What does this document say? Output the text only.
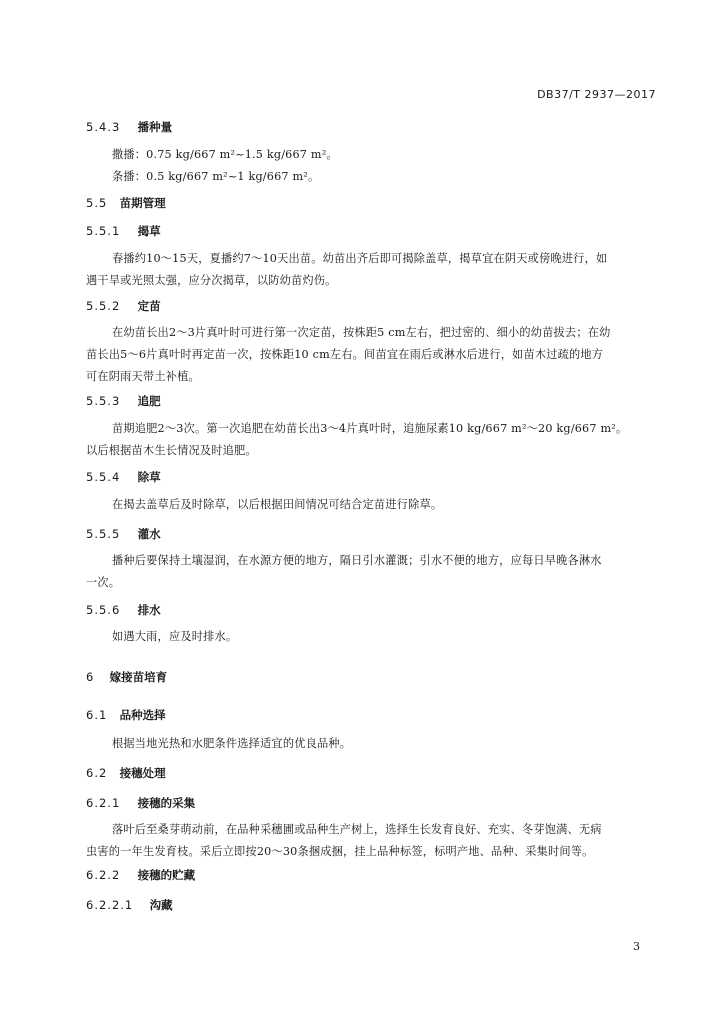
DB37/T 2937—2017
5.4.3 播种量
撒播：0.75 kg/667 m²~1.5 kg/667 m²。
条播：0.5 kg/667 m²~1 kg/667 m²。
5.5 苗期管理
5.5.1 揭草
春播约10～15天，夏播约7～10天出苗。幼苗出齐后即可揭除盖草，揭草宜在阴天或傍晚进行，如
遇干旱或光照太强，应分次揭草，以防幼苗灼伤。
5.5.2 定苗
在幼苗长出2～3片真叶时可进行第一次定苗，按株距5 cm左右，把过密的、细小的幼苗拔去；在幼
苗长出5～6片真叶时再定苗一次，按株距10 cm左右。间苗宜在雨后或淋水后进行，如苗木过疏的地方
可在阴雨天带土补植。
5.5.3 追肥
苗期追肥2～3次。第一次追肥在幼苗长出3～4片真叶时，追施尿素10 kg/667 m²～20 kg/667 m²。
以后根据苗木生长情况及时追肥。
5.5.4 除草
在揭去盖草后及时除草，以后根据田间情况可结合定苗进行除草。
5.5.5 灌水
播种后要保持土壤湿润，在水源方便的地方，隔日引水灌溉；引水不便的地方，应每日早晚各淋水
一次。
5.5.6 排水
如遇大雨，应及时排水。
6 嫁接苗培育
6.1 品种选择
根据当地光热和水肥条件选择适宜的优良品种。
6.2 接穗处理
6.2.1 接穗的采集
落叶后至桑芽萌动前，在品种采穗圃或品种生产树上，选择生长发育良好、充实、冬芽饱满、无病
虫害的一年生发育枝。采后立即按20～30条捆成捆，挂上品种标签，标明产地、品种、采集时间等。
6.2.2 接穗的贮藏
6.2.2.1 沟藏
3
